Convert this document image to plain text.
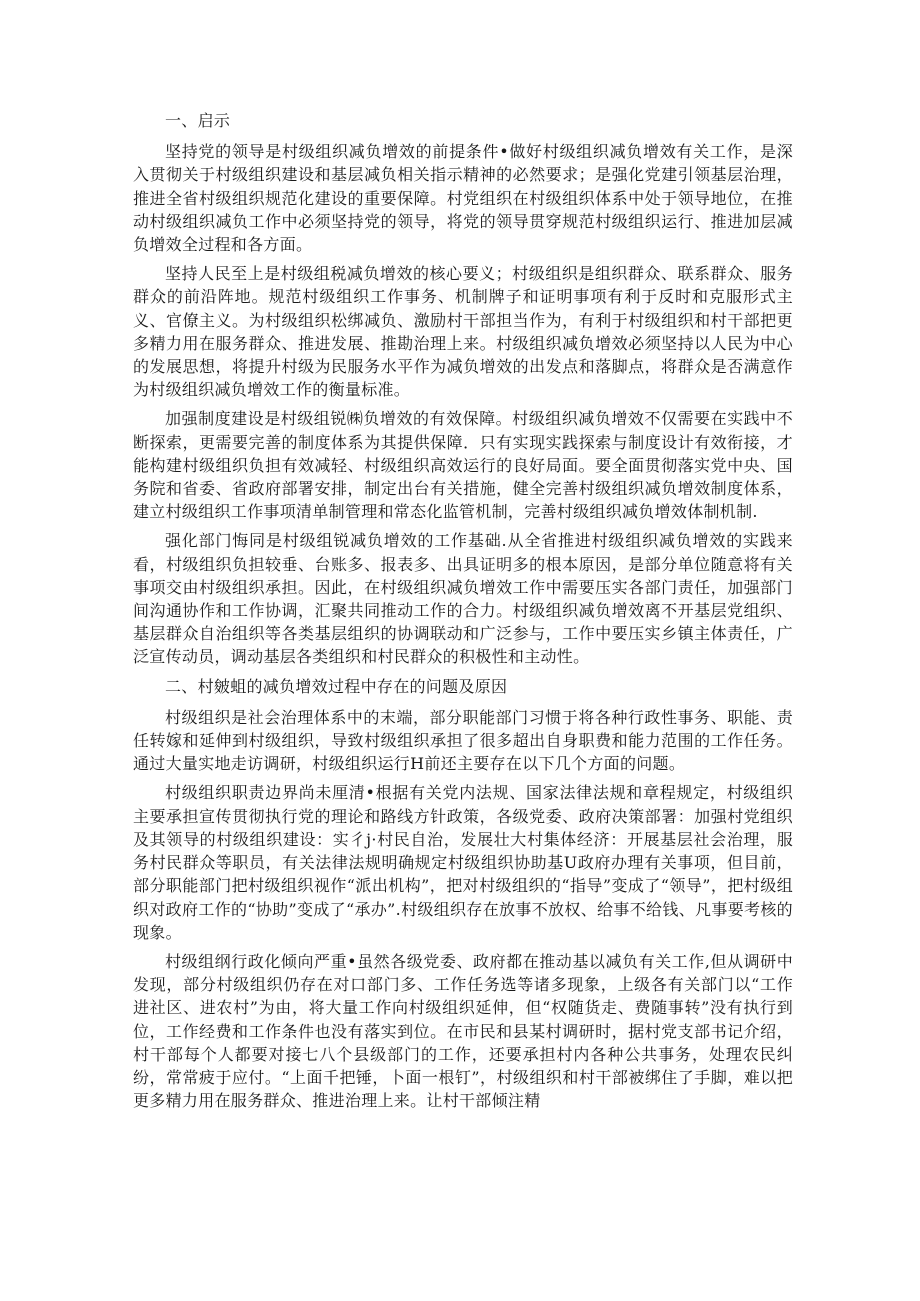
一、启示

坚持党的领导是村级组织减负增效的前提条件•做好村级组织减负增效有关工作，是深入贯彻关于村级组织建设和基层减负相关指示精神的必然要求；是强化党建引领基层治理，推进全省村级组织规范化建设的重要保障。村党组织在村级组织体系中处于领导地位，在推动村级组织减负工作中必须坚持党的领导，将党的领导贯穿规范村级组织运行、推进加层减负增效全过程和各方面。

坚持人民至上是村级组税减负增效的核心要义；村级组织是组织群众、联系群众、服务群众的前沿阵地。规范村级组织工作事务、机制牌子和证明事项有利于反时和克服形式主义、官僚主义。为村级组织松绑减负、激励村干部担当作为，有利于村级组织和村干部把更多精力用在服务群众、推进发展、推勘治理上来。村级组织减负增效必须坚持以人民为中心的发展思想，将提升村级为民服务水平作为减负增效的出发点和落脚点，将群众是否满意作为村级组织减负增效工作的衡量标准。

加强制度建设是村级组锐㈱负增效的有效保障。村级组织减负增效不仅需要在实践中不断探索，更需要完善的制度体系为其提供保障．只有实现实践探索与制度设计有效衔接，才能构建村级组织负担有效减轻、村级组织高效运行的良好局面。要全面贯彻落实党中央、国务院和省委、省政府部署安排，制定出台有关措施，健全完善村级组织减负增效制度体系，建立村级组织工作事项清单制管理和常态化监管机制，完善村级组织减负增效体制机制.

强化部门悔同是村级组锐减负增效的工作基础.从全省推进村级组织减负增效的实践来看，村级组织负担较垂、台账多、报表多、出具证明多的根本原因，是部分单位随意将有关事项交由村级组织承担。因此，在村级组织减负增效工作中需要压实各部门责任，加强部门间沟通协作和工作协调，汇聚共同推动工作的合力。村级组织减负增效离不开基层党组织、基层群众自治组织等各类基层组织的协调联动和广泛参与，工作中要压实乡镇主体责任，广泛宣传动员，调动基层各类组织和村民群众的积极性和主动性。

二、村皴蛆的减负增效过程中存在的问题及原因

村级组织是社会治理体系中的末端，部分职能部门习惯于将各种行政性事务、职能、责任转嫁和延伸到村级组织，导致村级组织承担了很多超出自身职费和能力范围的工作任务。通过大量实地走访调研，村级组织运行H前还主要存在以下几个方面的问题。

村级组织职责边界尚未厘清•根据有关党内法规、国家法律法规和章程规定，村级组织主要承担宣传贯彻执行党的理论和路线方针政策，各级党委、政府决策部署：加强村党组织及其领导的村级组织建设：实彳j·村民自治，发展壮大村集体经济：开展基层社会治理，服务村民群众等职员，有关法律法规明确规定村级组织协助基U政府办理有关事项，但目前，部分职能部门把村级组织视作“派出机构”，把对村级组织的“指导”变成了“领导”，把村级组织对政府工作的“协助”变成了“承办”.村级组织存在放事不放权、给事不给钱、凡事要考核的现象。

村级组纲行政化倾向严重•虽然各级党委、政府都在推动基以减负有关工作,但从调研中发现，部分村级组织仍存在对口部门多、工作任务选等诸多现象，上级各有关部门以“工作进社区、进农村”为由，将大量工作向村级组织延伸，但“权随货走、费随事转”没有执行到位，工作经费和工作条件也没有落实到位。在市民和县某村调研时，据村党支部书记介绍，村干部每个人都要对接七八个县级部门的工作，还要承担村内各种公共事务，处理农民纠纷，常常疲于应付。“上面千把锤，卜面一根钉”，村级组织和村干部被绑住了手脚，难以把更多精力用在服务群众、推进治理上来。让村干部倾注精
